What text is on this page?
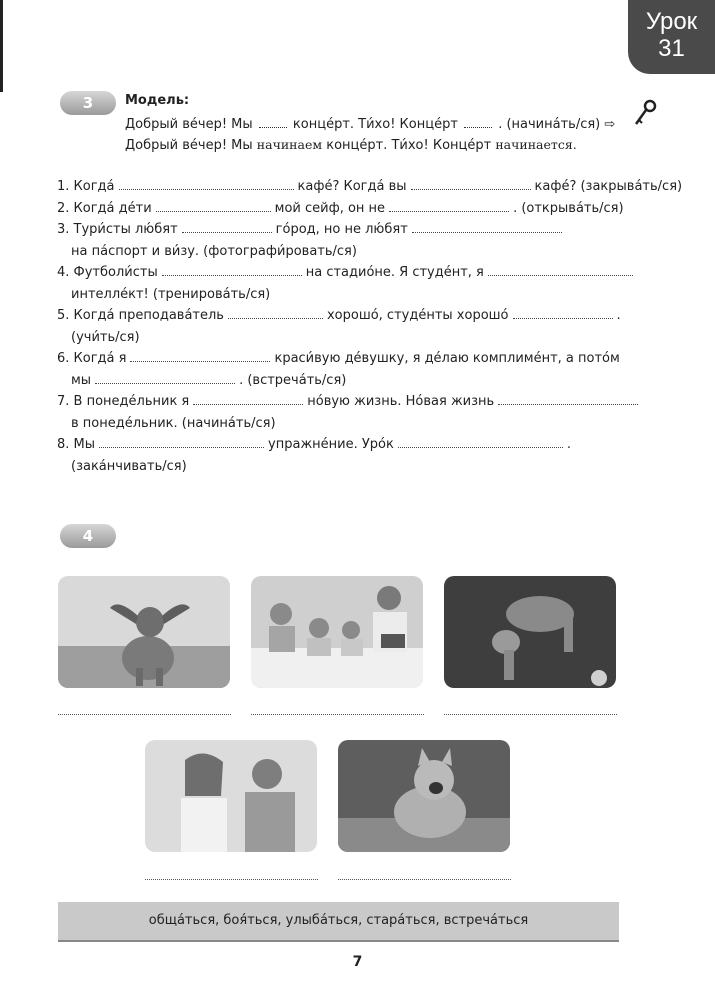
Урок
31
3	Модель:
Добрый ве́чер! Мы	конце́рт. Ти́хо! Конце́рт	. (начина́ть/ся) ⇨
Добрый ве́чер! Мы начинаем конце́рт. Ти́хо! Конце́рт начинается.
1. Когда́	кафе́? Когда́ вы	кафе́? (закрыва́ть/ся)
2. Когда́ де́ти	мой сейф, он не	. (открыва́ть/ся)
3. Тури́сты лю́бят	го́род, но не лю́бят
на па́спорт и ви́зу. (фотографи́ровать/ся)
4. Футболи́сты	на стадио́не. Я студе́нт, я
интелле́кт! (тренирова́ть/ся)
5. Когда́ преподава́тель	хорошо́, студе́нты хорошо́	.
(учи́ть/ся)
6. Когда́ я	краси́вую де́вушку, я де́лаю комплиме́нт, а пото́м
мы	. (встреча́ть/ся)
7. В понеде́льник я	но́вую жизнь. Но́вая жизнь
в понеде́льник. (начина́ть/ся)
8. Мы	упражне́ние. Уро́к	.
(зака́нчивать/ся)
4
обща́ться, боя́ться, улыба́ться, стара́ться, встреча́ться
7
